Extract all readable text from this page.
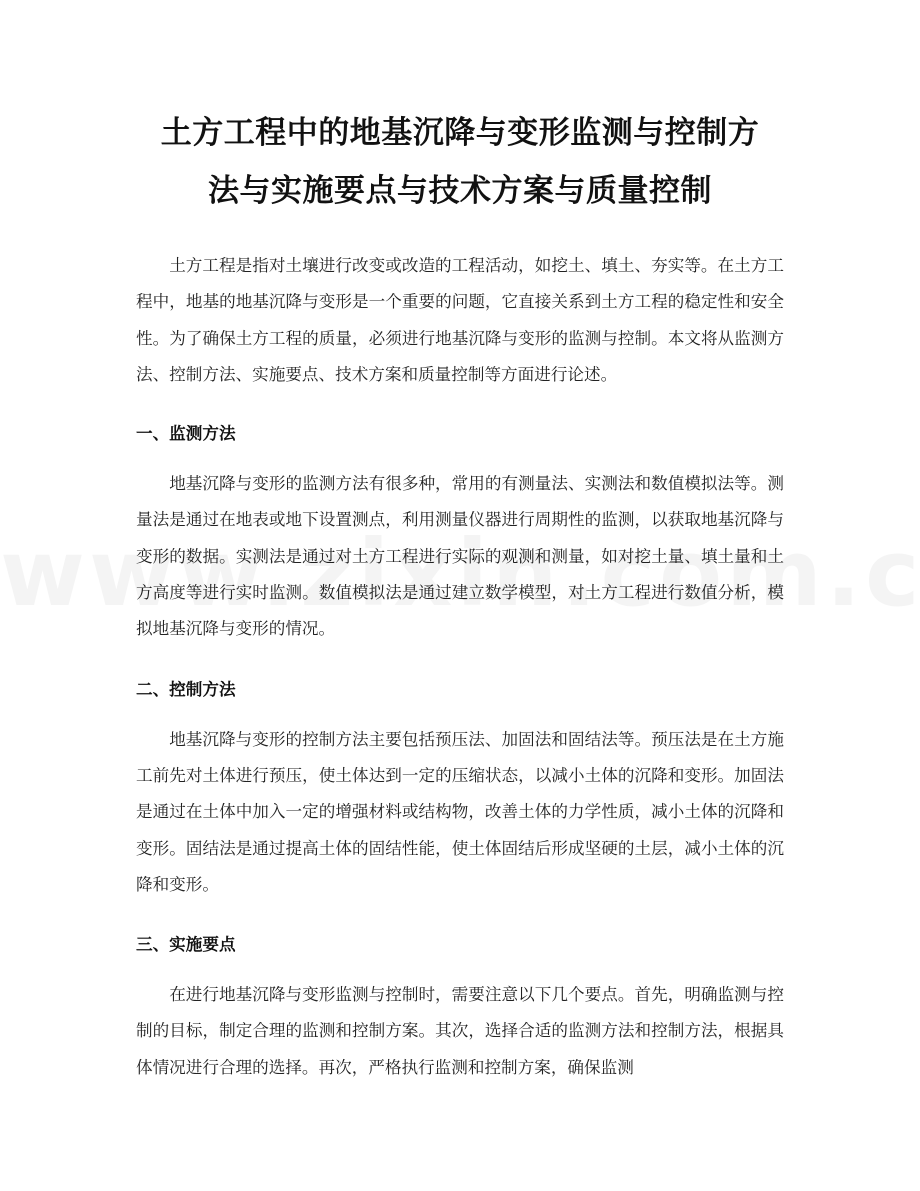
土方工程中的地基沉降与变形监测与控制方
法与实施要点与技术方案与质量控制

土方工程是指对土壤进行改变或改造的工程活动，如挖土、填土、夯实等。在土方工程中，地基的地基沉降与变形是一个重要的问题，它直接关系到土方工程的稳定性和安全性。为了确保土方工程的质量，必须进行地基沉降与变形的监测与控制。本文将从监测方法、控制方法、实施要点、技术方案和质量控制等方面进行论述。

一、监测方法

地基沉降与变形的监测方法有很多种，常用的有测量法、实测法和数值模拟法等。测量法是通过在地表或地下设置测点，利用测量仪器进行周期性的监测，以获取地基沉降与变形的数据。实测法是通过对土方工程进行实际的观测和测量，如对挖土量、填土量和土方高度等进行实时监测。数值模拟法是通过建立数学模型，对土方工程进行数值分析，模拟地基沉降与变形的情况。

二、控制方法

地基沉降与变形的控制方法主要包括预压法、加固法和固结法等。预压法是在土方施工前先对土体进行预压，使土体达到一定的压缩状态，以减小土体的沉降和变形。加固法是通过在土体中加入一定的增强材料或结构物，改善土体的力学性质，减小土体的沉降和变形。固结法是通过提高土体的固结性能，使土体固结后形成坚硬的土层，减小土体的沉降和变形。

三、实施要点

在进行地基沉降与变形监测与控制时，需要注意以下几个要点。首先，明确监测与控制的目标，制定合理的监测和控制方案。其次，选择合适的监测方法和控制方法，根据具体情况进行合理的选择。再次，严格执行监测和控制方案，确保监测
